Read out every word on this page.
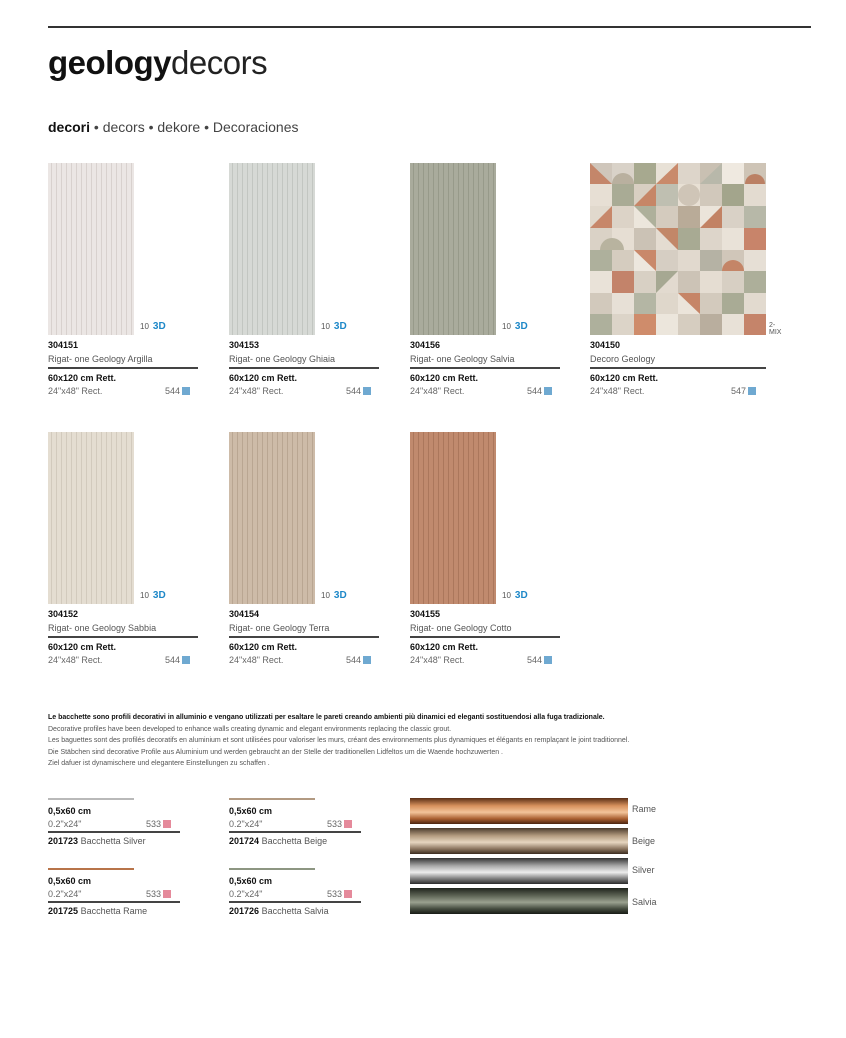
geologydecors
decori • decors • dekore • Decoraciones
10 3D
304151
Rigat- one Geology Argilla
60x120 cm Rett.
24"x48" Rect.	544
10 3D
304153
Rigat- one Geology Ghiaia
60x120 cm Rett.
24"x48" Rect.	544
10 3D
304156
Rigat- one Geology Salvia
60x120 cm Rett.
24"x48" Rect.	544
2-MIX
304150
Decoro Geology
60x120 cm Rett.
24"x48" Rect.	547
10 3D
304152
Rigat- one Geology Sabbia
60x120 cm Rett.
24"x48" Rect.	544
10 3D
304154
Rigat- one Geology Terra
60x120 cm Rett.
24"x48" Rect.	544
10 3D
304155
Rigat- one Geology Cotto
60x120 cm Rett.
24"x48" Rect.	544
Le bacchette sono profili decorativi in alluminio e vengano utilizzati per esaltare le pareti creando ambienti più dinamici ed eleganti sostituendosi alla fuga tradizionale.
Decorative profiles have been developed to enhance walls creating dynamic and elegant environments replacing the classic grout.
Les baguettes sont des profilés decoratifs en aluminium et sont utilisées pour valoriser les murs, créant des environnements plus dynamiques et élégants en remplaçant le joint traditionnel.
Die Stäbchen sind decorative Profile aus Aluminium und werden gebraucht an der Stelle der traditionellen Lidfeltos um die Waende hochzuwerten .
Ziel dafuer ist dynamischere und elegantere Einstellungen zu schaffen .
0,5x60 cm
0.2"x24"	533
201723 Bacchetta Silver
0,5x60 cm
0.2"x24"	533
201724 Bacchetta Beige
0,5x60 cm
0.2"x24"	533
201725 Bacchetta Rame
0,5x60 cm
0.2"x24"	533
201726 Bacchetta Salvia
Rame
Beige
Silver
Salvia
